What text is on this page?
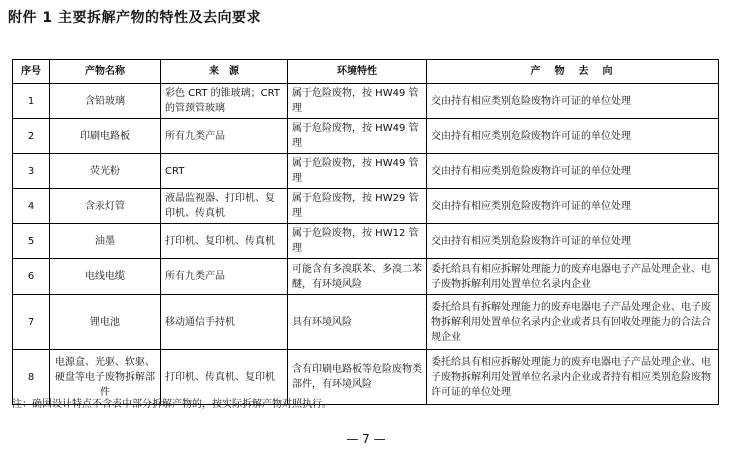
附件 1 主要拆解产物的特性及去向要求
序号	产物名称	来　源	环境特性	产　物　去　向
1	含铅玻璃	彩色 CRT 的锥玻璃；CRT 的管颈管玻璃	属于危险废物，按 HW49 管理	交由持有相应类别危险废物许可证的单位处理
2	印刷电路板	所有九类产品	属于危险废物，按 HW49 管理	交由持有相应类别危险废物许可证的单位处理
3	荧光粉	CRT	属于危险废物，按 HW49 管理	交由持有相应类别危险废物许可证的单位处理
4	含汞灯管	液晶监视器、打印机、复印机、传真机	属于危险废物，按 HW29 管理	交由持有相应类别危险废物许可证的单位处理
5	油墨	打印机、复印机、传真机	属于危险废物，按 HW12 管理	交由持有相应类别危险废物许可证的单位处理
6	电线电缆	所有九类产品	可能含有多溴联苯、多溴二苯醚，有环境风险	委托给具有相应拆解处理能力的废弃电器电子产品处理企业、电子废物拆解利用处置单位名录内企业
7	锂电池	移动通信手持机	具有环境风险	委托给具有拆解处理能力的废弃电器电子产品处理企业、电子废物拆解利用处置单位名录内企业或者具有回收处理能力的合法合规企业
8	电源盒、光驱、软驱、硬盘等电子废物拆解部件	打印机、传真机、复印机	含有印刷电路板等危险废物类部件，有环境风险	委托给具有相应拆解处理能力的废弃电器电子产品处理企业、电子废物拆解利用处置单位名录内企业或者持有相应类别危险废物许可证的单位处理
注：确因设计特点不含表中部分拆解产物的，按实际拆解产物对照执行。
— 7 —
